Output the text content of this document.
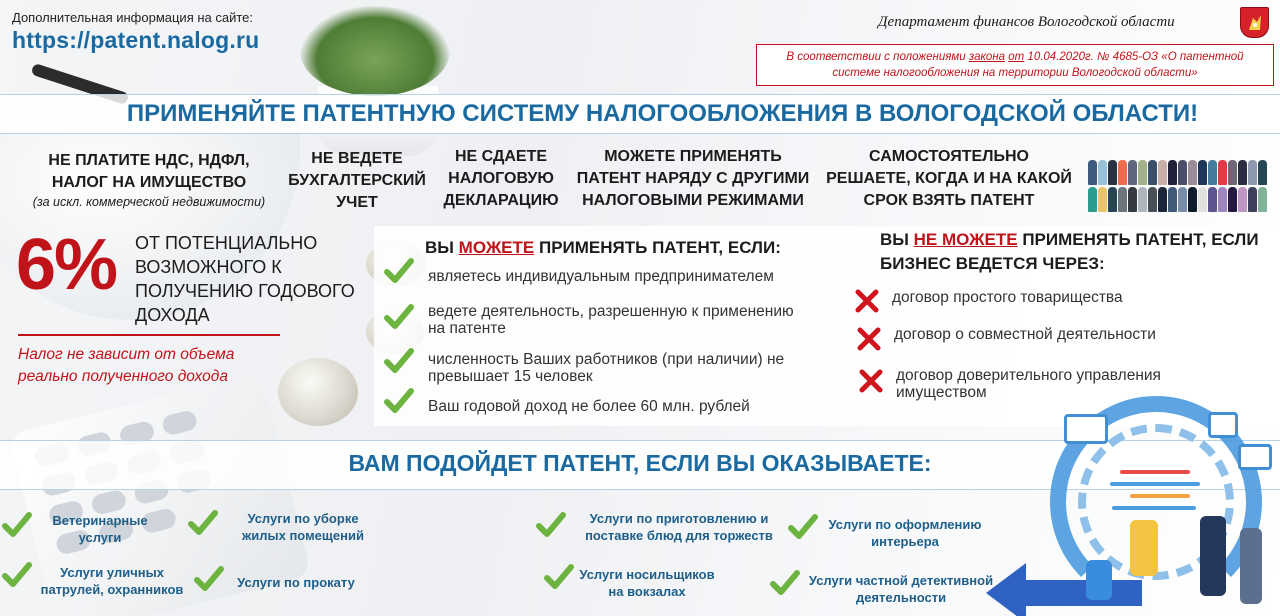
Дополнительная информация на сайте:
https://patent.nalog.ru
Департамент финансов Вологодской области
В соответствии с положениями закона от 10.04.2020г. № 4685-ОЗ «О патентной
системе налогообложения на территории Вологодской области»
ПРИМЕНЯЙТЕ ПАТЕНТНУЮ СИСТЕМУ НАЛОГООБЛОЖЕНИЯ В ВОЛОГОДСКОЙ ОБЛАСТИ!
НЕ ПЛАТИТЕ НДС, НДФЛ,
НАЛОГ НА ИМУЩЕСТВО
(за искл. коммерческой недвижимости)
НЕ ВЕДЕТЕ
БУХГАЛТЕРСКИЙ
УЧЕТ
НЕ СДАЕТЕ
НАЛОГОВУЮ
ДЕКЛАРАЦИЮ
МОЖЕТЕ ПРИМЕНЯТЬ
ПАТЕНТ НАРЯДУ С ДРУГИМИ
НАЛОГОВЫМИ РЕЖИМАМИ
САМОСТОЯТЕЛЬНО
РЕШАЕТЕ, КОГДА И НА КАКОЙ
СРОК ВЗЯТЬ ПАТЕНТ
6% ОТ ПОТЕНЦИАЛЬНО
ВОЗМОЖНОГО К
ПОЛУЧЕНИЮ ГОДОВОГО
ДОХОДА
Налог не зависит от объема
реально полученного дохода
ВЫ МОЖЕТЕ ПРИМЕНЯТЬ ПАТЕНТ, ЕСЛИ:
являетесь индивидуальным предпринимателем
ведете деятельность, разрешенную к применению
на патенте
численность Ваших работников (при наличии) не
превышает 15 человек
Ваш годовой доход не более 60 млн. рублей
ВЫ НЕ МОЖЕТЕ ПРИМЕНЯТЬ ПАТЕНТ, ЕСЛИ
БИЗНЕС ВЕДЕТСЯ ЧЕРЕЗ:
договор простого товарищества
договор о совместной деятельности
договор доверительного управления
имуществом
ВАМ ПОДОЙДЕТ ПАТЕНТ, ЕСЛИ ВЫ ОКАЗЫВАЕТЕ:
Ветеринарные
услуги
Услуги по уборке
жилых помещений
Услуги по приготовлению и
поставке блюд для торжеств
Услуги по оформлению
интерьера
Услуги уличных
патрулей, охранников	Услуги по прокату
Услуги носильщиков
на вокзалах
Услуги частной детективной
деятельности
